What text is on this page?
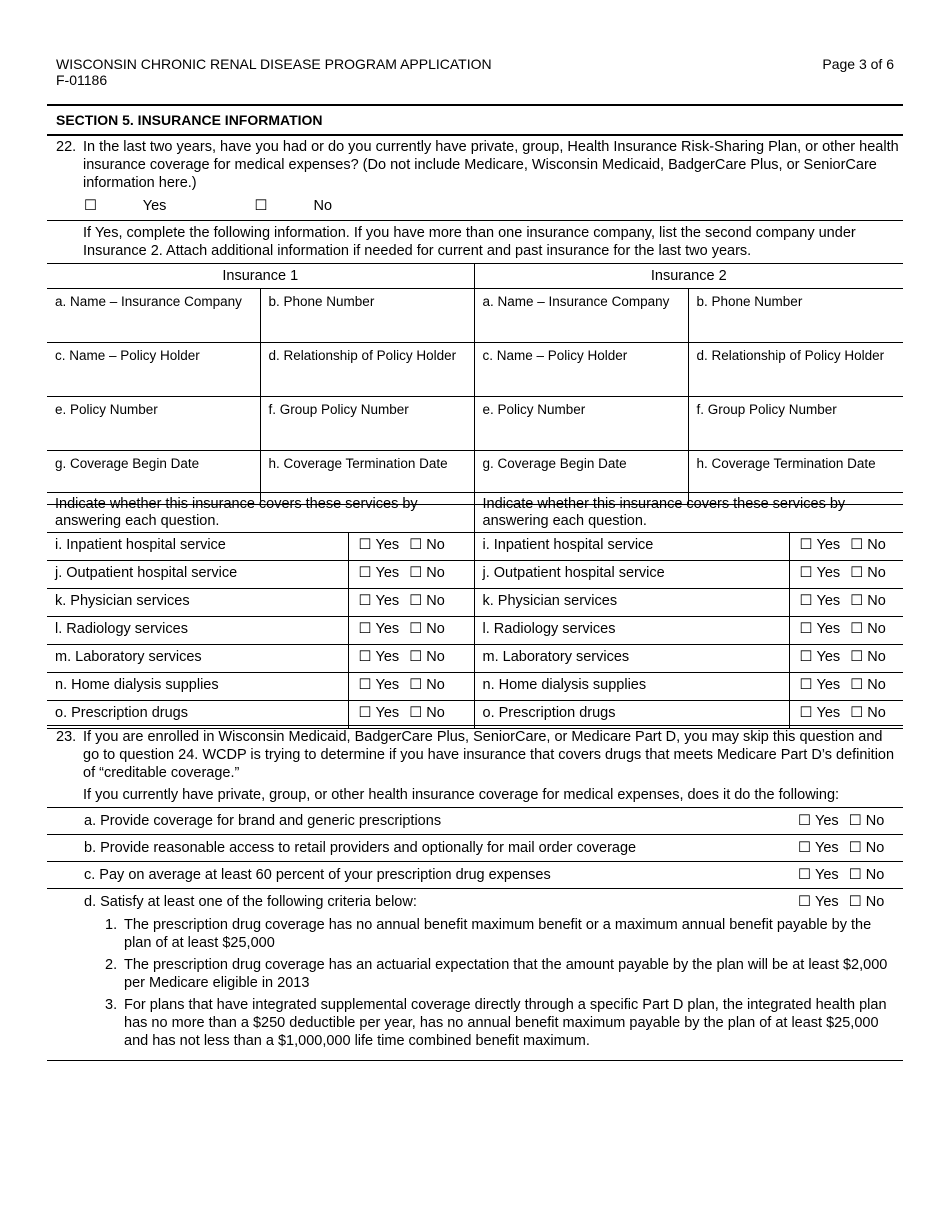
WISCONSIN CHRONIC RENAL DISEASE PROGRAM APPLICATION
F-01186
Page 3 of 6
SECTION 5. INSURANCE INFORMATION
22. In the last two years, have you had or do you currently have private, group, Health Insurance Risk-Sharing Plan, or other health insurance coverage for medical expenses? (Do not include Medicare, Wisconsin Medicaid, BadgerCare Plus, or SeniorCare information here.)
☐	Yes	☐	No
If Yes, complete the following information. If you have more than one insurance company, list the second company under Insurance 2. Attach additional information if needed for current and past insurance for the last two years.
Insurance 1		Insurance 2	
a. Name – Insurance Company	b. Phone Number	a. Name – Insurance Company	b. Phone Number
c. Name – Policy Holder	d. Relationship of Policy Holder	c. Name – Policy Holder	d. Relationship of Policy Holder
e. Policy Number	f. Group Policy Number	e. Policy Number	f. Group Policy Number
g. Coverage Begin Date	h. Coverage Termination Date	g. Coverage Begin Date	h. Coverage Termination Date
Indicate whether this insurance covers these services by answering each question.		Indicate whether this insurance covers these services by answering each question.	
i. Inpatient hospital service	☐ Yes ☐ No	i. Inpatient hospital service	☐ Yes ☐ No
j. Outpatient hospital service	☐ Yes ☐ No	j. Outpatient hospital service	☐ Yes ☐ No
k. Physician services	☐ Yes ☐ No	k. Physician services	☐ Yes ☐ No
l. Radiology services	☐ Yes ☐ No	l. Radiology services	☐ Yes ☐ No
m. Laboratory services	☐ Yes ☐ No	m. Laboratory services	☐ Yes ☐ No
n. Home dialysis supplies	☐ Yes ☐ No	n. Home dialysis supplies	☐ Yes ☐ No
o. Prescription drugs	☐ Yes ☐ No	o. Prescription drugs	☐ Yes ☐ No
23. If you are enrolled in Wisconsin Medicaid, BadgerCare Plus, SeniorCare, or Medicare Part D, you may skip this question and go to question 24. WCDP is trying to determine if you have insurance that covers drugs that meets Medicare Part D’s definition of “creditable coverage.”
If you currently have private, group, or other health insurance coverage for medical expenses, does it do the following:
a. Provide coverage for brand and generic prescriptions	☐ Yes ☐ No
b. Provide reasonable access to retail providers and optionally for mail order coverage	☐ Yes ☐ No
c. Pay on average at least 60 percent of your prescription drug expenses	☐ Yes ☐ No
d. Satisfy at least one of the following criteria below:	☐ Yes ☐ No
1. The prescription drug coverage has no annual benefit maximum benefit or a maximum annual benefit payable by the plan of at least $25,000
2. The prescription drug coverage has an actuarial expectation that the amount payable by the plan will be at least $2,000 per Medicare eligible in 2013
3. For plans that have integrated supplemental coverage directly through a specific Part D plan, the integrated health plan has no more than a $250 deductible per year, has no annual benefit maximum payable by the plan of at least $25,000 and has not less than a $1,000,000 life time combined benefit maximum.
